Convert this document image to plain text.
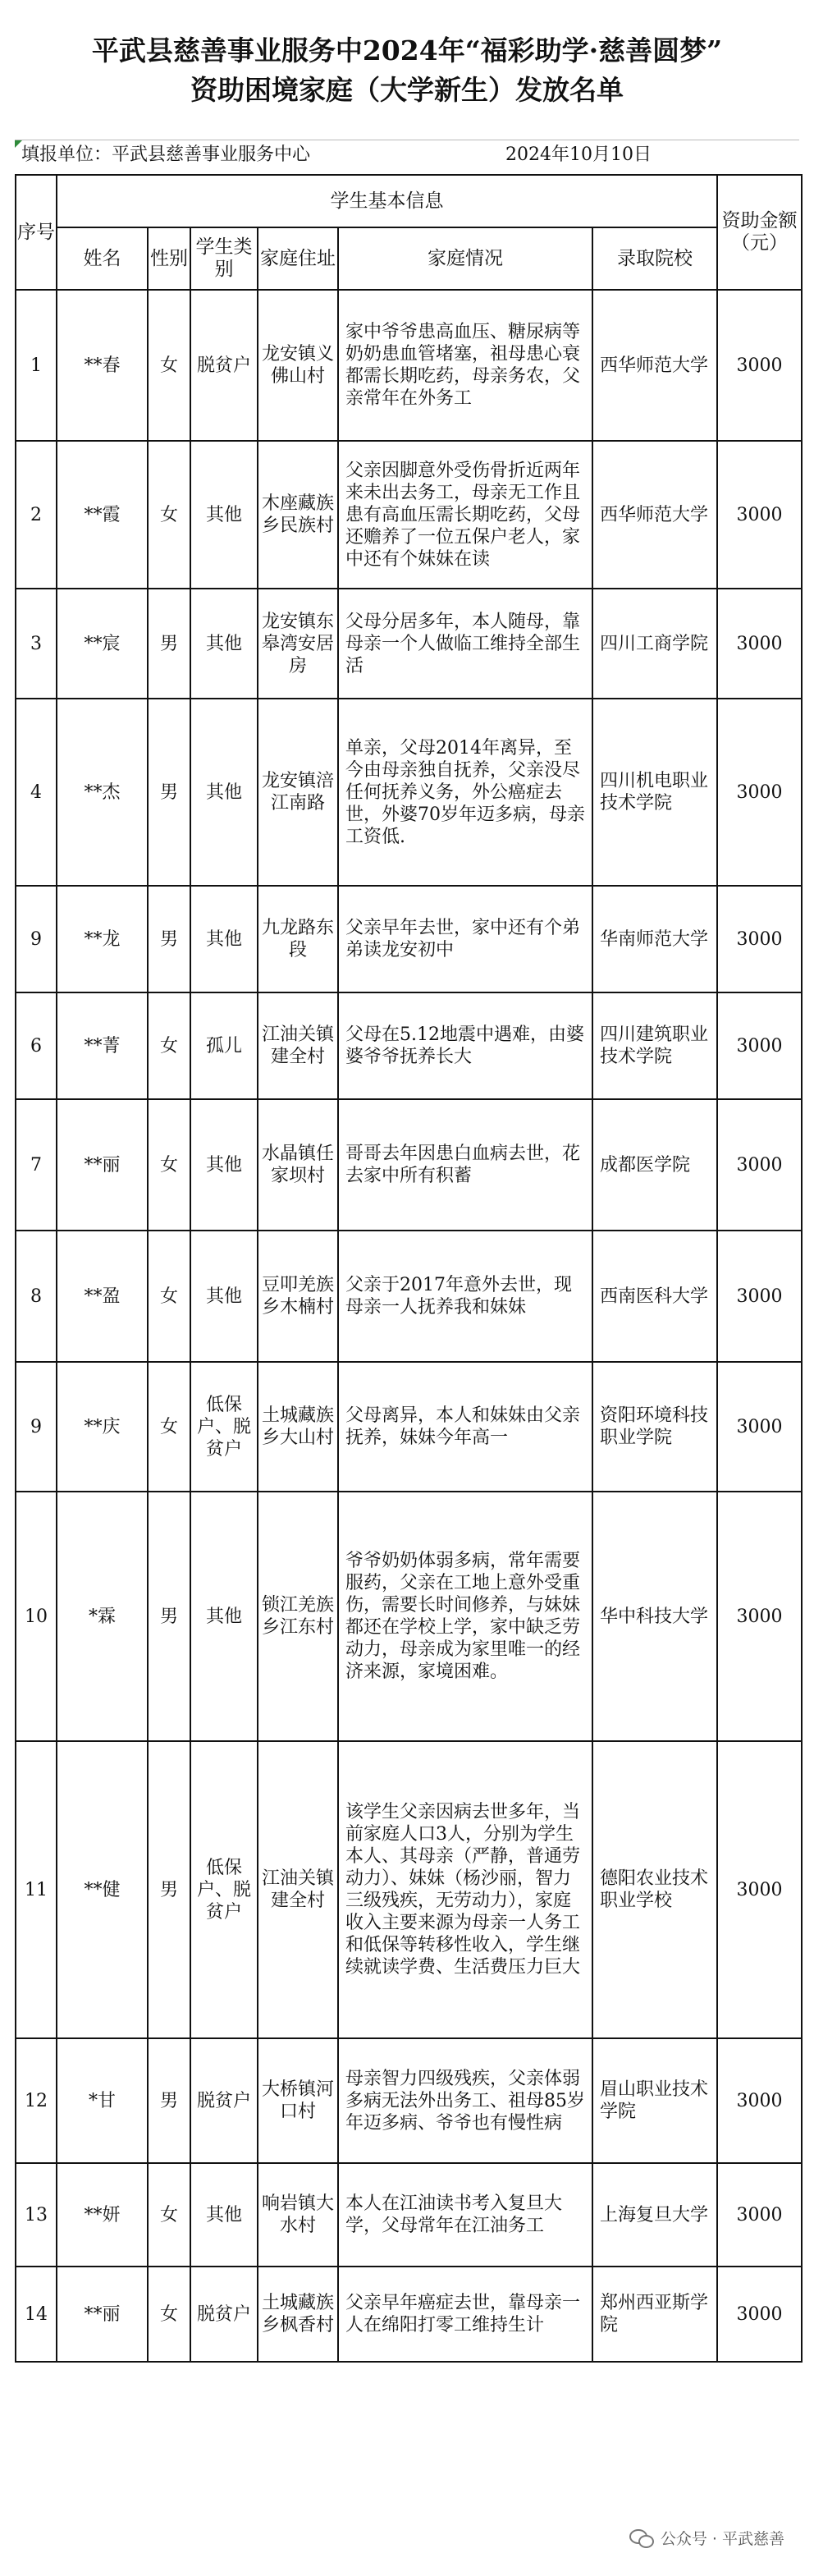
平武县慈善事业服务中2024年“福彩助学·慈善圆梦”
资助困境家庭（大学新生）发放名单
填报单位：平武县慈善事业服务中心	2024年10月10日
序号	学生基本信息						资助金额（元）
	姓名	性别	学生类别	家庭住址	家庭情况	录取院校	
1	**春	女	脱贫户	龙安镇义佛山村	家中爷爷患高血压、糖尿病等奶奶患血管堵塞，祖母患心衰都需长期吃药，母亲务农，父亲常年在外务工	西华师范大学	3000
2	**霞	女	其他	木座藏族乡民族村	父亲因脚意外受伤骨折近两年来未出去务工，母亲无工作且患有高血压需长期吃药，父母还赡养了一位五保户老人，家中还有个妹妹在读	西华师范大学	3000
3	**宸	男	其他	龙安镇东皋湾安居房	父母分居多年，本人随母，靠母亲一个人做临工维持全部生活	四川工商学院	3000
4	**杰	男	其他	龙安镇涪江南路	单亲，父母2014年离异，至今由母亲独自抚养，父亲没尽任何抚养义务，外公癌症去世，外婆70岁年迈多病，母亲工资低.	四川机电职业技术学院	3000
9	**龙	男	其他	九龙路东段	父亲早年去世，家中还有个弟弟读龙安初中	华南师范大学	3000
6	**菁	女	孤儿	江油关镇建全村	父母在5.12地震中遇难，由婆婆爷爷抚养长大	四川建筑职业技术学院	3000
7	**丽	女	其他	水晶镇任家坝村	哥哥去年因患白血病去世，花去家中所有积蓄	成都医学院	3000
8	**盈	女	其他	豆叩羌族乡木楠村	父亲于2017年意外去世，现母亲一人抚养我和妹妹	西南医科大学	3000
9	**庆	女	低保户、脱贫户	土城藏族乡大山村	父母离异，本人和妹妹由父亲抚养，妹妹今年高一	资阳环境科技职业学院	3000
10	*霖	男	其他	锁江羌族乡江东村	爷爷奶奶体弱多病，常年需要服药，父亲在工地上意外受重伤，需要长时间修养，与妹妹都还在学校上学，家中缺乏劳动力，母亲成为家里唯一的经济来源，家境困难。	华中科技大学	3000
11	**健	男	低保户、脱贫户	江油关镇建全村	该学生父亲因病去世多年，当前家庭人口3人，分别为学生本人、其母亲（严静，普通劳动力）、妹妹（杨沙丽，智力三级残疾，无劳动力），家庭收入主要来源为母亲一人务工和低保等转移性收入，学生继续就读学费、生活费压力巨大	德阳农业技术职业学校	3000
12	*甘	男	脱贫户	大桥镇河口村	母亲智力四级残疾，父亲体弱多病无法外出务工、祖母85岁年迈多病、爷爷也有慢性病	眉山职业技术学院	3000
13	**妍	女	其他	响岩镇大水村	本人在江油读书考入复旦大学，父母常年在江油务工	上海复旦大学	3000
14	**丽	女	脱贫户	土城藏族乡枫香村	父亲早年癌症去世，靠母亲一人在绵阳打零工维持生计	郑州西亚斯学院	3000
公众号 · 平武慈善
